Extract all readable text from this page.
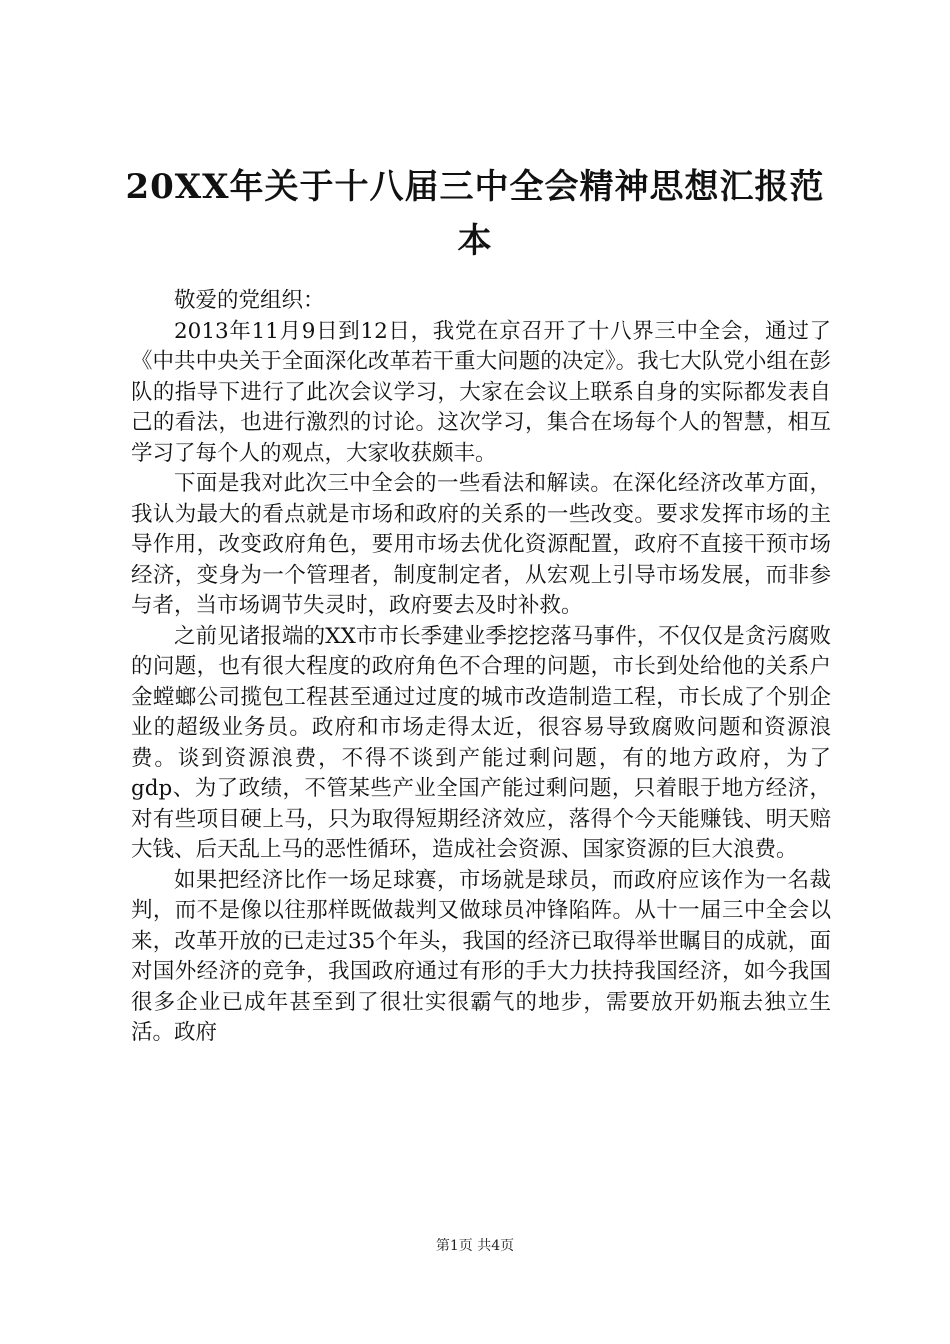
20XX年关于十八届三中全会精神思想汇报范本

敬爱的党组织：

2013年11月9日到12日，我党在京召开了十八界三中全会，通过了《中共中央关于全面深化改革若干重大问题的决定》。我七大队党小组在彭队的指导下进行了此次会议学习，大家在会议上联系自身的实际都发表自己的看法，也进行激烈的讨论。这次学习，集合在场每个人的智慧，相互学习了每个人的观点，大家收获颇丰。

下面是我对此次三中全会的一些看法和解读。在深化经济改革方面，我认为最大的看点就是市场和政府的关系的一些改变。要求发挥市场的主导作用，改变政府角色，要用市场去优化资源配置，政府不直接干预市场经济，变身为一个管理者，制度制定者，从宏观上引导市场发展，而非参与者，当市场调节失灵时，政府要去及时补救。

之前见诸报端的XX市市长季建业季挖挖落马事件，不仅仅是贪污腐败的问题，也有很大程度的政府角色不合理的问题，市长到处给他的关系户金螳螂公司揽包工程甚至通过过度的城市改造制造工程，市长成了个别企业的超级业务员。政府和市场走得太近，很容易导致腐败问题和资源浪费。谈到资源浪费，不得不谈到产能过剩问题，有的地方政府，为了gdp、为了政绩，不管某些产业全国产能过剩问题，只着眼于地方经济，对有些项目硬上马，只为取得短期经济效应，落得个今天能赚钱、明天赔大钱、后天乱上马的恶性循环，造成社会资源、国家资源的巨大浪费。

如果把经济比作一场足球赛，市场就是球员，而政府应该作为一名裁判，而不是像以往那样既做裁判又做球员冲锋陷阵。从十一届三中全会以来，改革开放的已走过35个年头，我国的经济已取得举世瞩目的成就，面对国外经济的竞争，我国政府通过有形的手大力扶持我国经济，如今我国很多企业已成年甚至到了很壮实很霸气的地步，需要放开奶瓶去独立生活。政府

第1页 共4页
